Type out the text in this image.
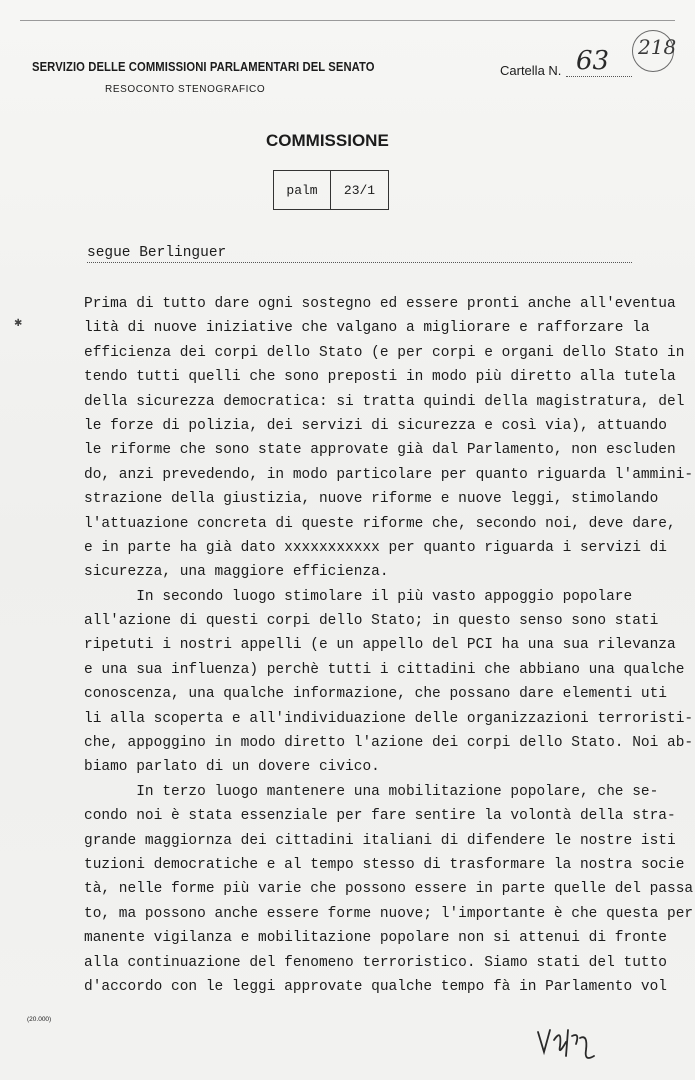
SERVIZIO DELLE COMMISSIONI PARLAMENTARI DEL SENATO
RESOCONTO STENOGRAFICO
Cartella N. 63 218
COMMISSIONE
palm	23/1
segue Berlinguer
✱
Prima di tutto dare ogni sostegno ed essere pronti anche all'eventua
lità di nuove iniziative che valgano a migliorare e rafforzare la
efficienza dei corpi dello Stato (e per corpi e organi dello Stato in
tendo tutti quelli che sono preposti in modo più diretto alla tutela
della sicurezza democratica: si tratta quindi della magistratura, del
le forze di polizia, dei servizi di sicurezza e così via), attuando
le riforme che sono state approvate già dal Parlamento, non escluden
do, anzi prevedendo, in modo particolare per quanto riguarda l'ammini-
strazione della giustizia, nuove riforme e nuove leggi, stimolando
l'attuazione concreta di queste riforme che, secondo noi, deve dare,
e in parte ha già dato xxxxxxxxxxx per quanto riguarda i servizi di
sicurezza, una maggiore efficienza.
In secondo luogo stimolare il più vasto appoggio popolare
all'azione di questi corpi dello Stato; in questo senso sono stati
ripetuti i nostri appelli (e un appello del PCI ha una sua rilevanza
e una sua influenza) perchè tutti i cittadini che abbiano una qualche
conoscenza, una qualche informazione, che possano dare elementi uti
li alla scoperta e all'individuazione delle organizzazioni terroristi-
che, appoggino in modo diretto l'azione dei corpi dello Stato. Noi ab-
biamo parlato di un dovere civico.
In terzo luogo mantenere una mobilitazione popolare, che se-
condo noi è stata essenziale per fare sentire la volontà della stra-
grande maggiornza dei cittadini italiani di difendere le nostre isti
tuzioni democratiche e al tempo stesso di trasformare la nostra socie
tà, nelle forme più varie che possono essere in parte quelle del passa
to, ma possono anche essere forme nuove; l'importante è che questa per
manente vigilanza e mobilitazione popolare non si attenui di fronte
alla continuazione del fenomeno terroristico. Siamo stati del tutto
d'accordo con le leggi approvate qualche tempo fà in Parlamento vol
(20.000)
